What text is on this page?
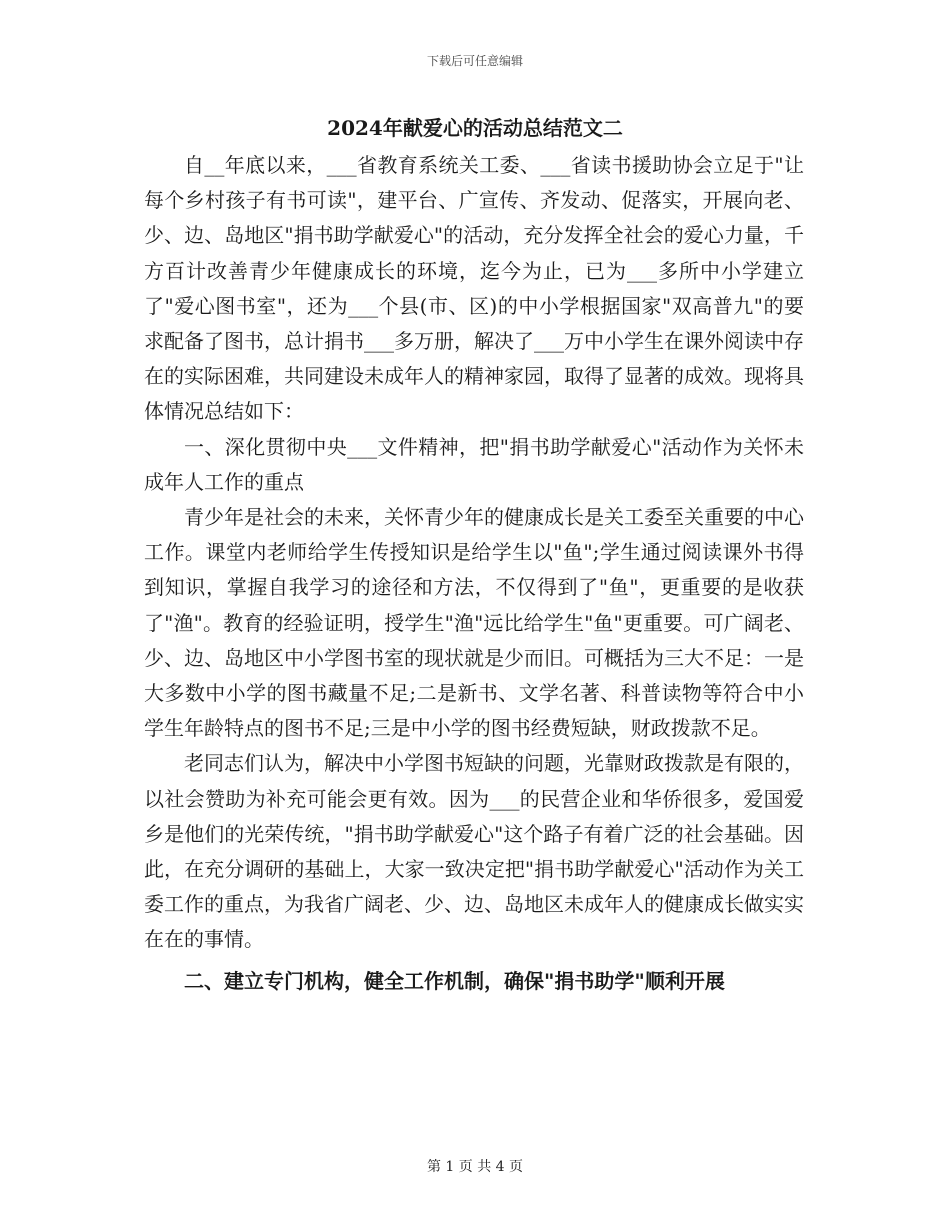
下载后可任意编辑
2024年献爱心的活动总结范文二

自__年底以来，___省教育系统关工委、___省读书援助协会立足于"让每个乡村孩子有书可读"，建平台、广宣传、齐发动、促落实，开展向老、少、边、岛地区"捐书助学献爱心"的活动，充分发挥全社会的爱心力量，千方百计改善青少年健康成长的环境，迄今为止，已为___多所中小学建立了"爱心图书室"，还为___个县(市、区)的中小学根据国家"双高普九"的要求配备了图书，总计捐书___多万册，解决了___万中小学生在课外阅读中存在的实际困难，共同建设未成年人的精神家园，取得了显著的成效。现将具体情况总结如下：

一、深化贯彻中央___文件精神，把"捐书助学献爱心"活动作为关怀未成年人工作的重点

青少年是社会的未来，关怀青少年的健康成长是关工委至关重要的中心工作。课堂内老师给学生传授知识是给学生以"鱼";学生通过阅读课外书得到知识，掌握自我学习的途径和方法，不仅得到了"鱼"，更重要的是收获了"渔"。教育的经验证明，授学生"渔"远比给学生"鱼"更重要。可广阔老、少、边、岛地区中小学图书室的现状就是少而旧。可概括为三大不足：一是大多数中小学的图书藏量不足;二是新书、文学名著、科普读物等符合中小学生年龄特点的图书不足;三是中小学的图书经费短缺，财政拨款不足。

老同志们认为，解决中小学图书短缺的问题，光靠财政拨款是有限的，以社会赞助为补充可能会更有效。因为___的民营企业和华侨很多，爱国爱乡是他们的光荣传统，"捐书助学献爱心"这个路子有着广泛的社会基础。因此，在充分调研的基础上，大家一致决定把"捐书助学献爱心"活动作为关工委工作的重点，为我省广阔老、少、边、岛地区未成年人的健康成长做实实在在的事情。

二、建立专门机构，健全工作机制，确保"捐书助学"顺利开展

第 1 页 共 4 页
